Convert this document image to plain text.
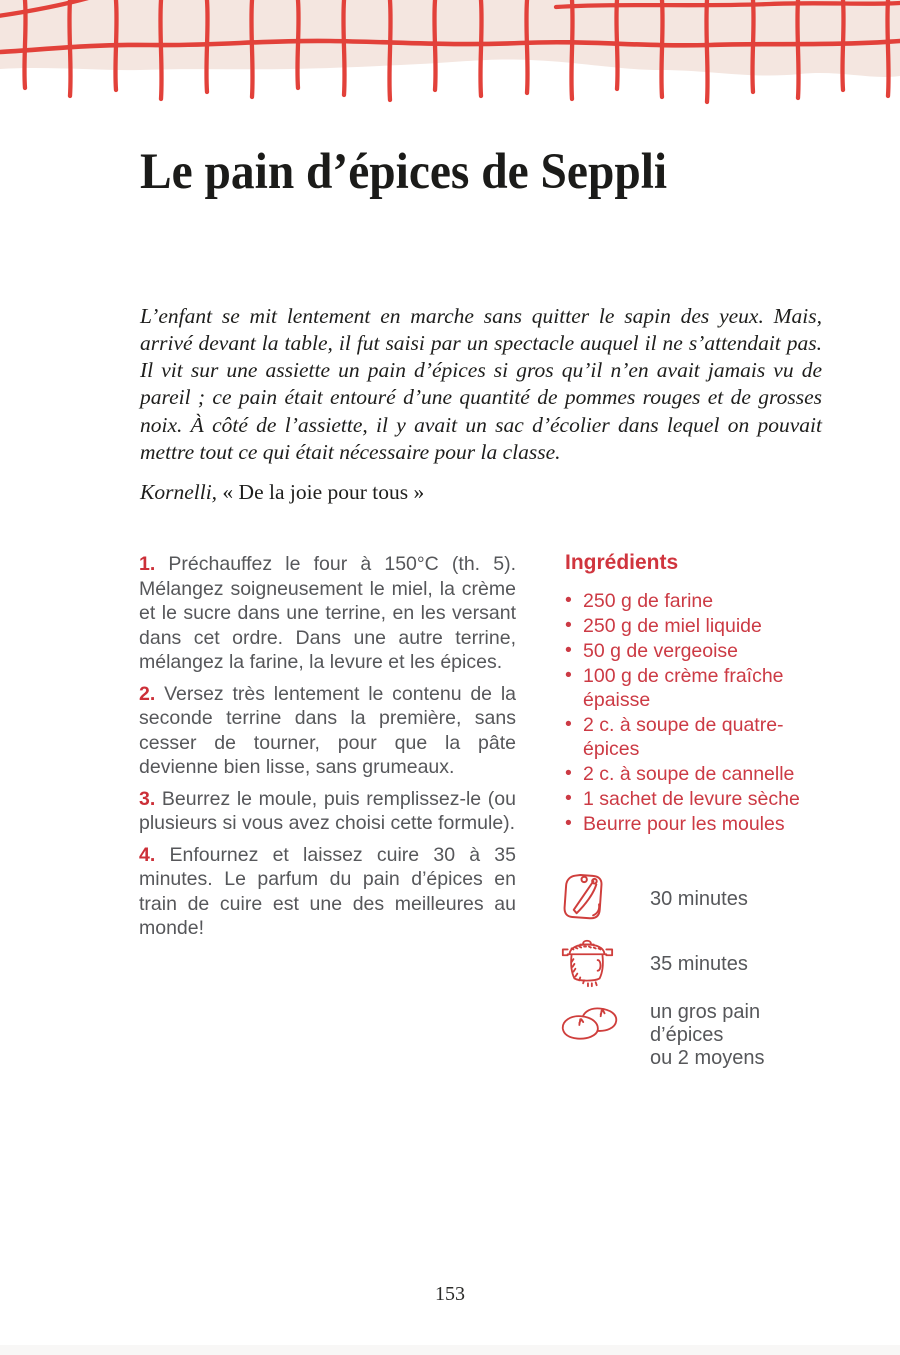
Le pain d’épices de Seppli

L’enfant se mit lentement en marche sans quitter le sapin des yeux. Mais, arrivé devant la table, il fut saisi par un spectacle auquel il ne s’attendait pas. Il vit sur une assiette un pain d’épices si gros qu’il n’en avait jamais vu de pareil ; ce pain était entouré d’une quantité de pommes rouges et de grosses noix. À côté de l’assiette, il y avait un sac d’écolier dans lequel on pouvait mettre tout ce qui était nécessaire pour la classe.

Kornelli, « De la joie pour tous »

1. Préchauffez le four à 150°C (th. 5). Mélangez soigneusement le miel, la crème et le sucre dans une terrine, en les versant dans cet ordre. Dans une autre terrine, mélangez la farine, la levure et les épices.

2. Versez très lentement le contenu de la seconde terrine dans la première, sans cesser de tourner, pour que la pâte devienne bien lisse, sans grumeaux.

3. Beurrez le moule, puis remplissez-le (ou plusieurs si vous avez choisi cette formule).

4. Enfournez et laissez cuire 30 à 35 minutes. Le parfum du pain d’épices en train de cuire est une des meilleures au monde!

Ingrédients
• 250 g de farine
• 250 g de miel liquide
• 50 g de vergeoise
• 100 g de crème fraîche épaisse
• 2 c. à soupe de quatre-épices
• 2 c. à soupe de cannelle
• 1 sachet de levure sèche
• Beurre pour les moules
30 minutes
35 minutes
un gros pain
d’épices
ou 2 moyens
153
